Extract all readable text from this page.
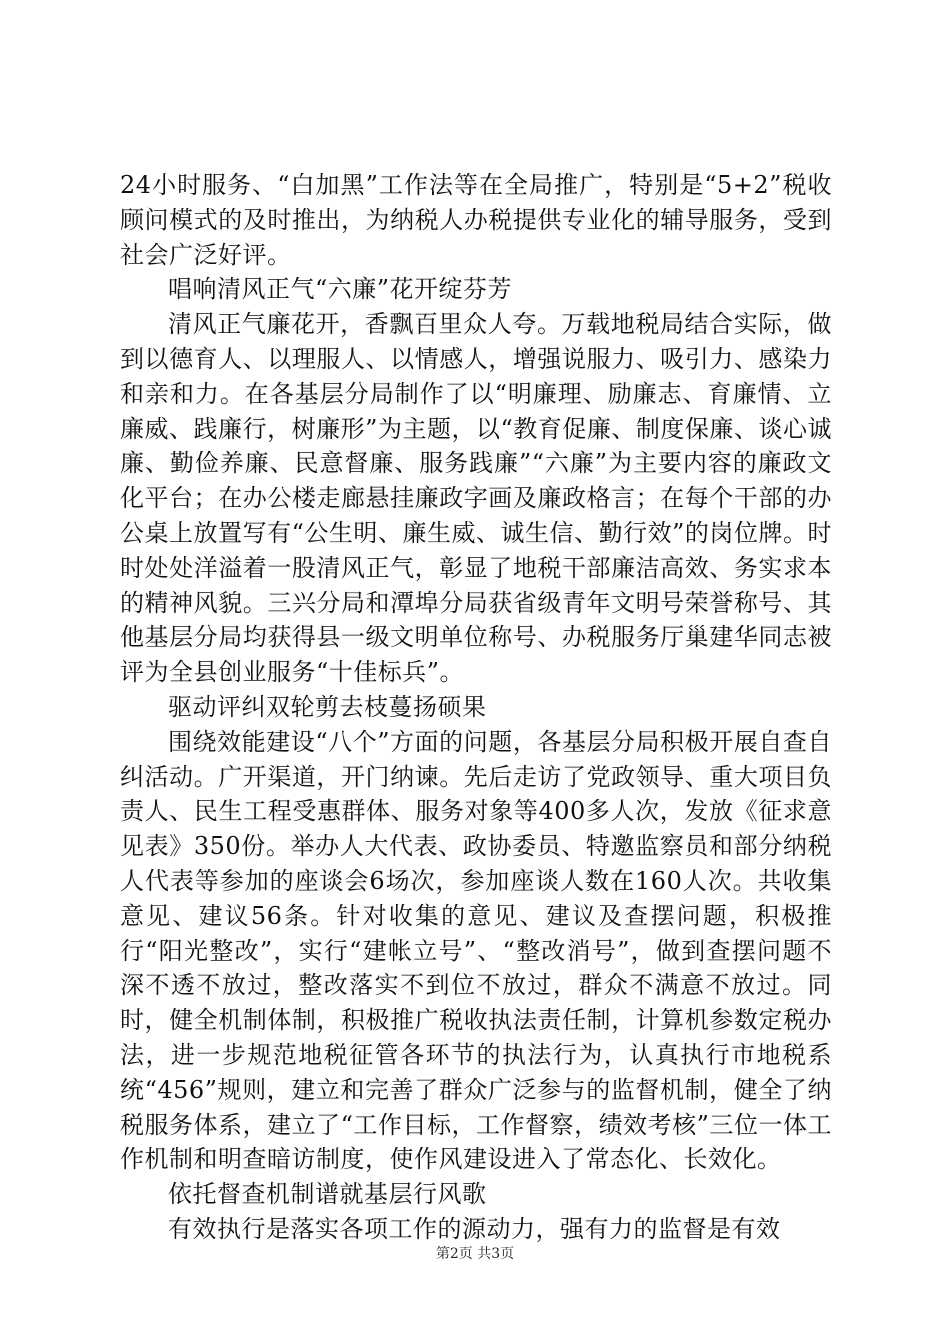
24小时服务、“白加黑”工作法等在全局推广，特别是“5+2”税收顾问模式的及时推出，为纳税人办税提供专业化的辅导服务，受到社会广泛好评。

唱响清风正气“六廉”花开绽芬芳

清风正气廉花开，香飘百里众人夸。万载地税局结合实际，做到以德育人、以理服人、以情感人，增强说服力、吸引力、感染力和亲和力。在各基层分局制作了以“明廉理、励廉志、育廉情、立廉威、践廉行，树廉形”为主题，以“教育促廉、制度保廉、谈心诚廉、勤俭养廉、民意督廉、服务践廉”“六廉”为主要内容的廉政文化平台；在办公楼走廊悬挂廉政字画及廉政格言；在每个干部的办公桌上放置写有“公生明、廉生威、诚生信、勤行效”的岗位牌。时时处处洋溢着一股清风正气，彰显了地税干部廉洁高效、务实求本的精神风貌。三兴分局和潭埠分局获省级青年文明号荣誉称号、其他基层分局均获得县一级文明单位称号、办税服务厅巢建华同志被评为全县创业服务“十佳标兵”。

驱动评纠双轮剪去枝蔓扬硕果

围绕效能建设“八个”方面的问题，各基层分局积极开展自查自纠活动。广开渠道，开门纳谏。先后走访了党政领导、重大项目负责人、民生工程受惠群体、服务对象等400多人次，发放《征求意见表》350份。举办人大代表、政协委员、特邀监察员和部分纳税人代表等参加的座谈会6场次，参加座谈人数在160人次。共收集意见、建议56条。针对收集的意见、建议及查摆问题，积极推行“阳光整改”，实行“建帐立号”、“整改消号”，做到查摆问题不深不透不放过，整改落实不到位不放过，群众不满意不放过。同时，健全机制体制，积极推广税收执法责任制，计算机参数定税办法，进一步规范地税征管各环节的执法行为，认真执行市地税系统“456”规则，建立和完善了群众广泛参与的监督机制，健全了纳税服务体系，建立了“工作目标，工作督察，绩效考核”三位一体工作机制和明查暗访制度，使作风建设进入了常态化、长效化。

依托督查机制谱就基层行风歌

有效执行是落实各项工作的源动力，强有力的监督是有效

第2页 共3页
